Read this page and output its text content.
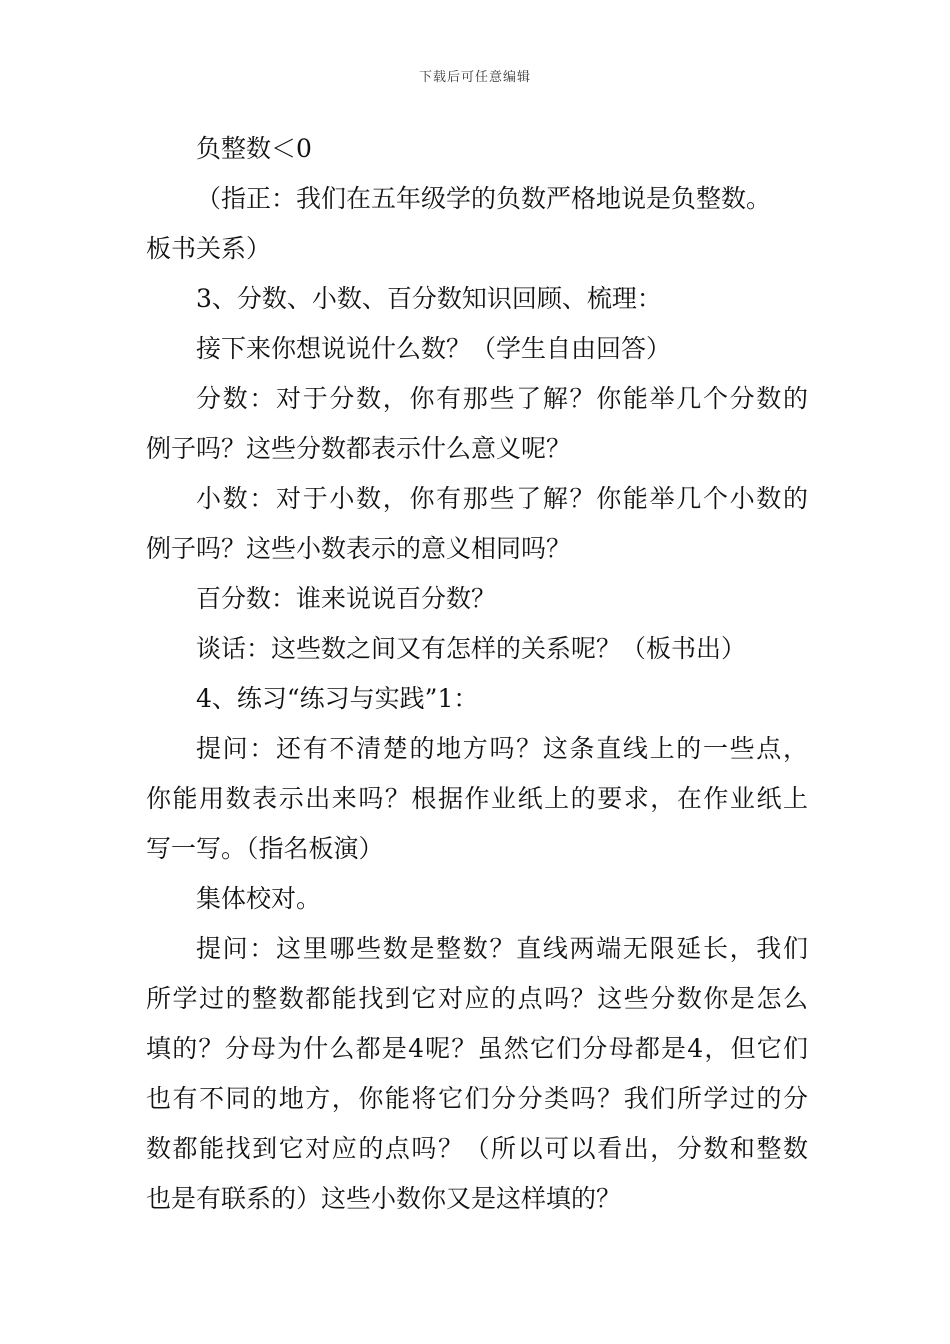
下载后可任意编辑
负整数＜0
（指正：我们在五年级学的负数严格地说是负整数。
板书关系）
3、分数、小数、百分数知识回顾、梳理：
接下来你想说说什么数？（学生自由回答）
分数：对于分数，你有那些了解？你能举几个分数的
例子吗？这些分数都表示什么意义呢？
小数：对于小数，你有那些了解？你能举几个小数的
例子吗？这些小数表示的意义相同吗？
百分数：谁来说说百分数？
谈话：这些数之间又有怎样的关系呢？（板书出）
4、练习“练习与实践”1：
提问：还有不清楚的地方吗？这条直线上的一些点，
你能用数表示出来吗？根据作业纸上的要求，在作业纸上
写一写。（指名板演）
集体校对。
提问：这里哪些数是整数？直线两端无限延长，我们
所学过的整数都能找到它对应的点吗？这些分数你是怎么
填的？分母为什么都是4呢？虽然它们分母都是4，但它们
也有不同的地方，你能将它们分分类吗？我们所学过的分
数都能找到它对应的点吗？（所以可以看出，分数和整数
也是有联系的）这些小数你又是这样填的？
